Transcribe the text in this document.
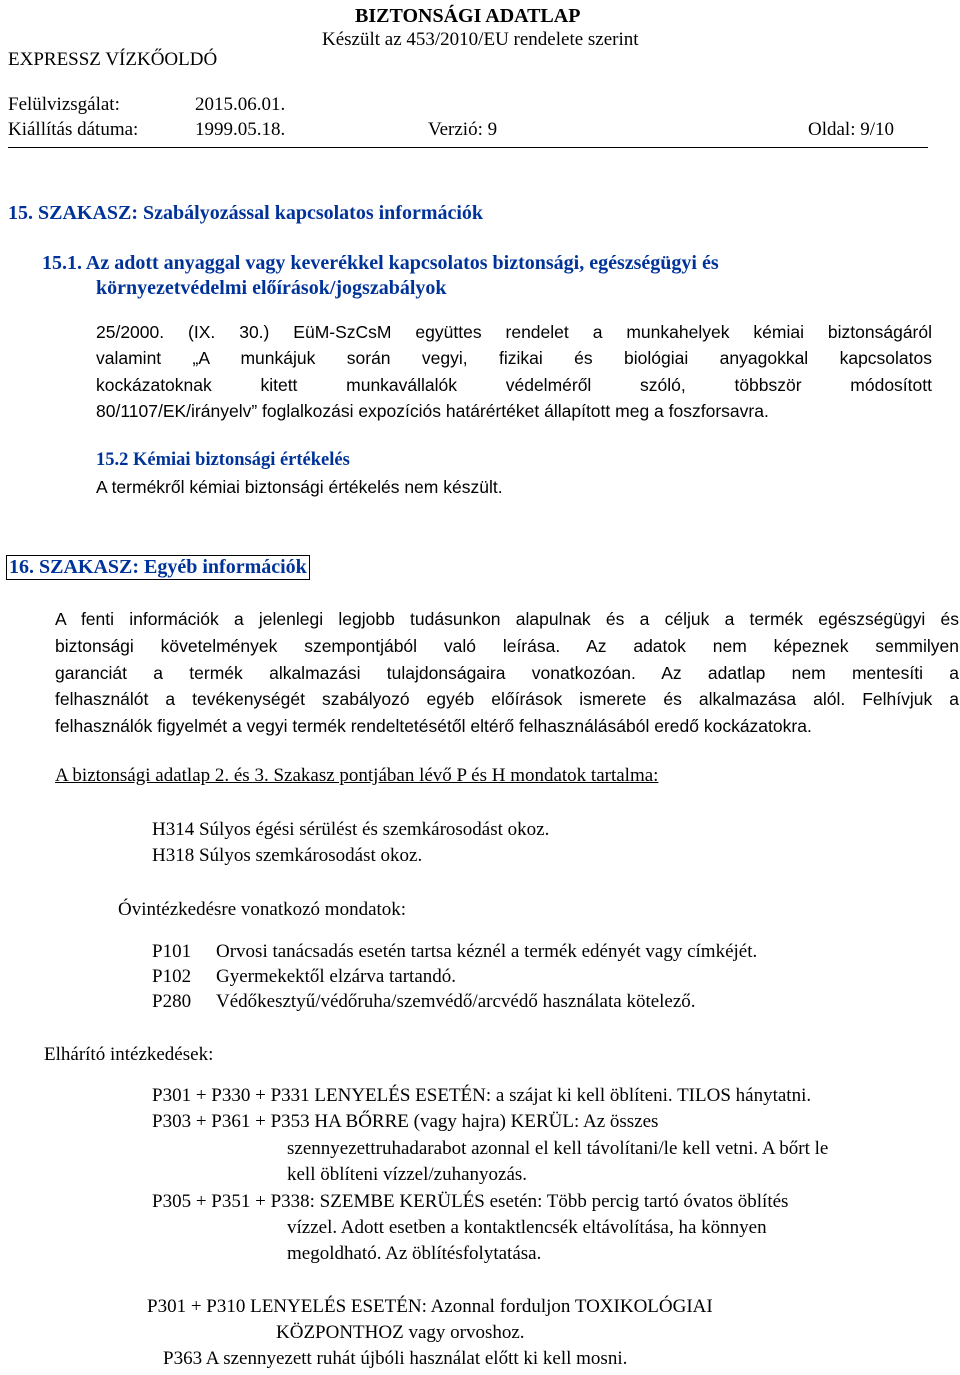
BIZTONSÁGI ADATLAP
Készült az 453/2010/EU rendelete szerint
EXPRESSZ VÍZKŐOLDÓ
Felülvizsgálat:	2015.06.01.
Kiállítás dátuma:	1999.05.18.	Verzió: 9	Oldal: 9/10
15. SZAKASZ: Szabályozással kapcsolatos információk
15.1. Az adott anyaggal vagy keverékkel kapcsolatos biztonsági, egészségügyi és
környezetvédelmi előírások/jogszabályok
25/2000. (IX. 30.) EüM-SzCsM együttes rendelet a munkahelyek kémiai biztonságáról
valamint „A munkájuk során vegyi, fizikai és biológiai anyagokkal kapcsolatos
kockázatoknak kitett munkavállalók védelméről szóló, többször módosított
80/1107/EK/irányelv” foglalkozási expozíciós határértéket állapított meg a foszforsavra.
15.2 Kémiai biztonsági értékelés
A termékről kémiai biztonsági értékelés nem készült.
16. SZAKASZ: Egyéb információk
A fenti információk a jelenlegi legjobb tudásunkon alapulnak és a céljuk a termék egészségügyi és
biztonsági követelmények szempontjából való leírása. Az adatok nem képeznek semmilyen
garanciát a termék alkalmazási tulajdonságaira vonatkozóan. Az adatlap nem mentesíti a
felhasználót a tevékenységét szabályozó egyéb előírások ismerete és alkalmazása alól. Felhívjuk a
felhasználók figyelmét a vegyi termék rendeltetésétől eltérő felhasználásából eredő kockázatokra.
A biztonsági adatlap 2. és 3. Szakasz pontjában lévő P és H mondatok tartalma:
H314 Súlyos égési sérülést és szemkárosodást okoz.
H318 Súlyos szemkárosodást okoz.
Óvintézkedésre vonatkozó mondatok:
P101 Orvosi tanácsadás esetén tartsa kéznél a termék edényét vagy címkéjét.
P102 Gyermekektől elzárva tartandó.
P280 Védőkesztyű/védőruha/szemvédő/arcvédő használata kötelező.
Elhárító intézkedések:
P301 + P330 + P331 LENYELÉS ESETÉN: a szájat ki kell öblíteni. TILOS hánytatni.
P303 + P361 + P353 HA BŐRRE (vagy hajra) KERÜL: Az összes
szennyezettruhadarabot azonnal el kell távolítani/le kell vetni. A bőrt le
kell öblíteni vízzel/zuhanyozás.
P305 + P351 + P338: SZEMBE KERÜLÉS esetén: Több percig tartó óvatos öblítés
vízzel. Adott esetben a kontaktlencsék eltávolítása, ha könnyen
megoldható. Az öblítésfolytatása.
P301 + P310 LENYELÉS ESETÉN: Azonnal forduljon TOXIKOLÓGIAI
KÖZPONTHOZ vagy orvoshoz.
P363 A szennyezett ruhát újbóli használat előtt ki kell mosni.
